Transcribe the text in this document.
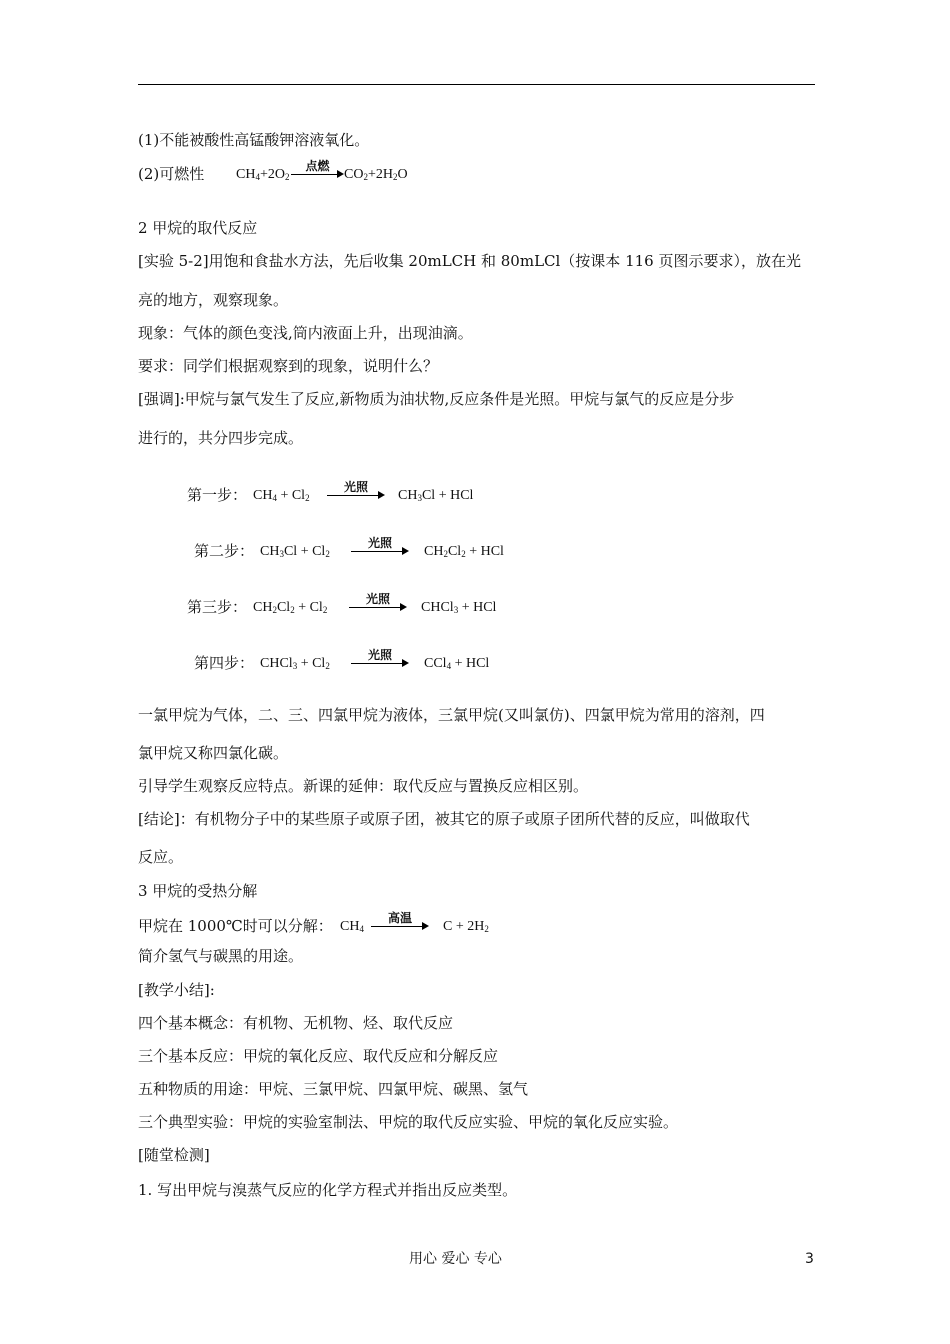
(1)不能被酸性高锰酸钾溶液氧化。
(2)可燃性 $CH_4+2O_2$
点燃
$CO_2+2H_2O$
2 甲烷的取代反应
[实验 5-2]用饱和食盐水方法，先后收集 20mLCH 和 80mLCl（按课本 116 页图示要求），放在光
亮的地方，观察现象。
现象：气体的颜色变浅,筒内液面上升，出现油滴。
要求：同学们根据观察到的现象，说明什么？
[强调]:甲烷与氯气发生了反应,新物质为油状物,反应条件是光照。甲烷与氯气的反应是分步
进行的，共分四步完成。
第一步： $CH_4 + Cl_2$
光照
$CH_3Cl$ + HCl
第二步： $CH_3Cl + Cl_2$
光照
$CH_2Cl_2$ + HCl
第三步： $CH_2Cl_2 + Cl_2$
光照
CHCl$_3$ + HCl
第四步： CHCl$_3$ + $Cl_2$
光照
CCl$_4$ + HCl
一氯甲烷为气体，二、三、四氯甲烷为液体，三氯甲烷(又叫氯仿)、四氯甲烷为常用的溶剂，四
氯甲烷又称四氯化碳。
引导学生观察反应特点。新课的延伸：取代反应与置换反应相区别。
[结论]：有机物分子中的某些原子或原子团，被其它的原子或原子团所代替的反应，叫做取代
反应。
3 甲烷的受热分解
甲烷在 1000℃时可以分解： $CH_4$
高温
$C + 2H_2$
简介氢气与碳黑的用途。
[教学小结]:
四个基本概念：有机物、无机物、烃、取代反应
三个基本反应：甲烷的氧化反应、取代反应和分解反应
五种物质的用途：甲烷、三氯甲烷、四氯甲烷、碳黑、氢气
三个典型实验：甲烷的实验室制法、甲烷的取代反应实验、甲烷的氧化反应实验。
[随堂检测]
1. 写出甲烷与溴蒸气反应的化学方程式并指出反应类型。
用心 爱心 专心	3
